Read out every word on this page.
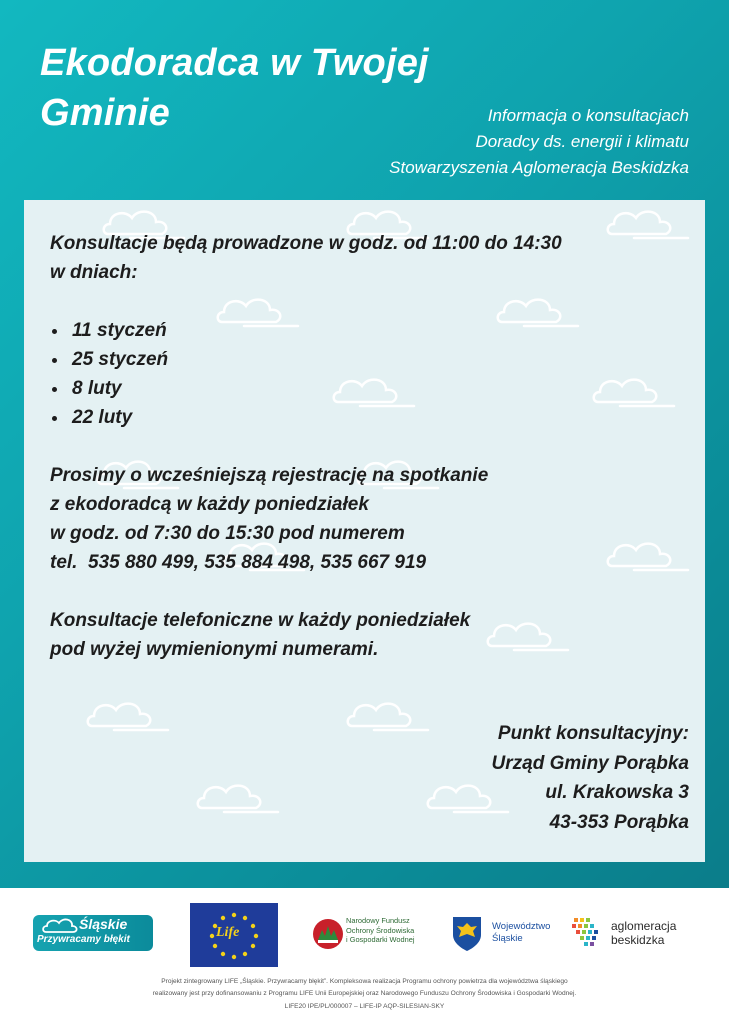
Ekodoradca w Twojej
Gminie	Informacja o konsultacjach
Doradcy ds. energii i klimatu
Stowarzyszenia Aglomeracja Beskidzka
Konsultacje będą prowadzone w godz. od 11:00 do 14:30
w dniach:
11 styczeń
25 styczeń
8 luty
22 luty
Prosimy o wcześniejszą rejestrację na spotkanie
z ekodoradcą w każdy poniedziałek
w godz. od 7:30 do 15:30 pod numerem
tel.  535 880 499, 535 884 498, 535 667 919
Konsultacje telefoniczne w każdy poniedziałek
pod wyżej wymienionymi numerami.
Punkt konsultacyjny:
Urząd Gminy Porąbka
ul. Krakowska 3
43-353 Porąbka
Śląskie
Przywracamy błękit	Life
Narodowy Fundusz
Ochrony Środowiska
i Gospodarki Wodnej
Województwo
Śląskie
aglomeracja
beskidzka
Projekt zintegrowany LIFE „Śląskie. Przywracamy błękit”. Kompleksowa realizacja Programu ochrony powietrza dla województwa śląskiego
realizowany jest przy dofinansowaniu z Programu LIFE Unii Europejskiej oraz Narodowego Funduszu Ochrony Środowiska i Gospodarki Wodnej.
LIFE20 IPE/PL/000007 – LIFE-IP AQP-SILESIAN-SKY
